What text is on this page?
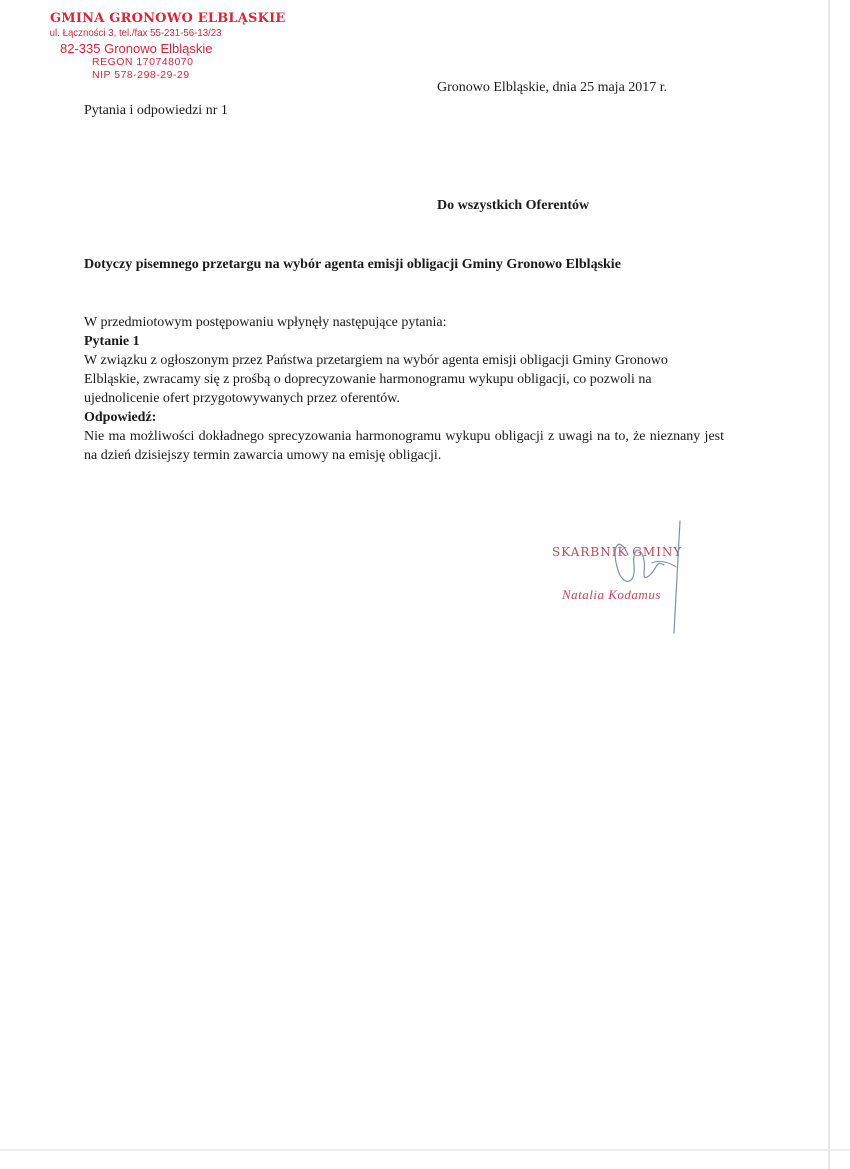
GMINA GRONOWO ELBLĄSKIE
ul. Łączności 3, tel./fax 55-231-56-13/23
82-335 Gronowo Elbląskie
REGON 170748070
NIP 578-298-29-29
Gronowo Elbląskie, dnia 25 maja 2017 r.
Pytania i odpowiedzi nr 1
Do wszystkich Oferentów
Dotyczy pisemnego przetargu na wybór agenta emisji obligacji Gminy Gronowo Elbląskie

W przedmiotowym postępowaniu wpłynęły następujące pytania:

Pytanie 1

W związku z ogłoszonym przez Państwa przetargiem na wybór agenta emisji obligacji Gminy Gronowo Elbląskie, zwracamy się z prośbą o doprecyzowanie harmonogramu wykupu obligacji, co pozwoli na ujednolicenie ofert przygotowywanych przez oferentów.

Odpowiedź:

Nie ma możliwości dokładnego sprecyzowania harmonogramu wykupu obligacji z uwagi na to, że nieznany jest na dzień dzisiejszy termin zawarcia umowy na emisję obligacji.

SKARBNIK GMINY
Natalia Kodamus
